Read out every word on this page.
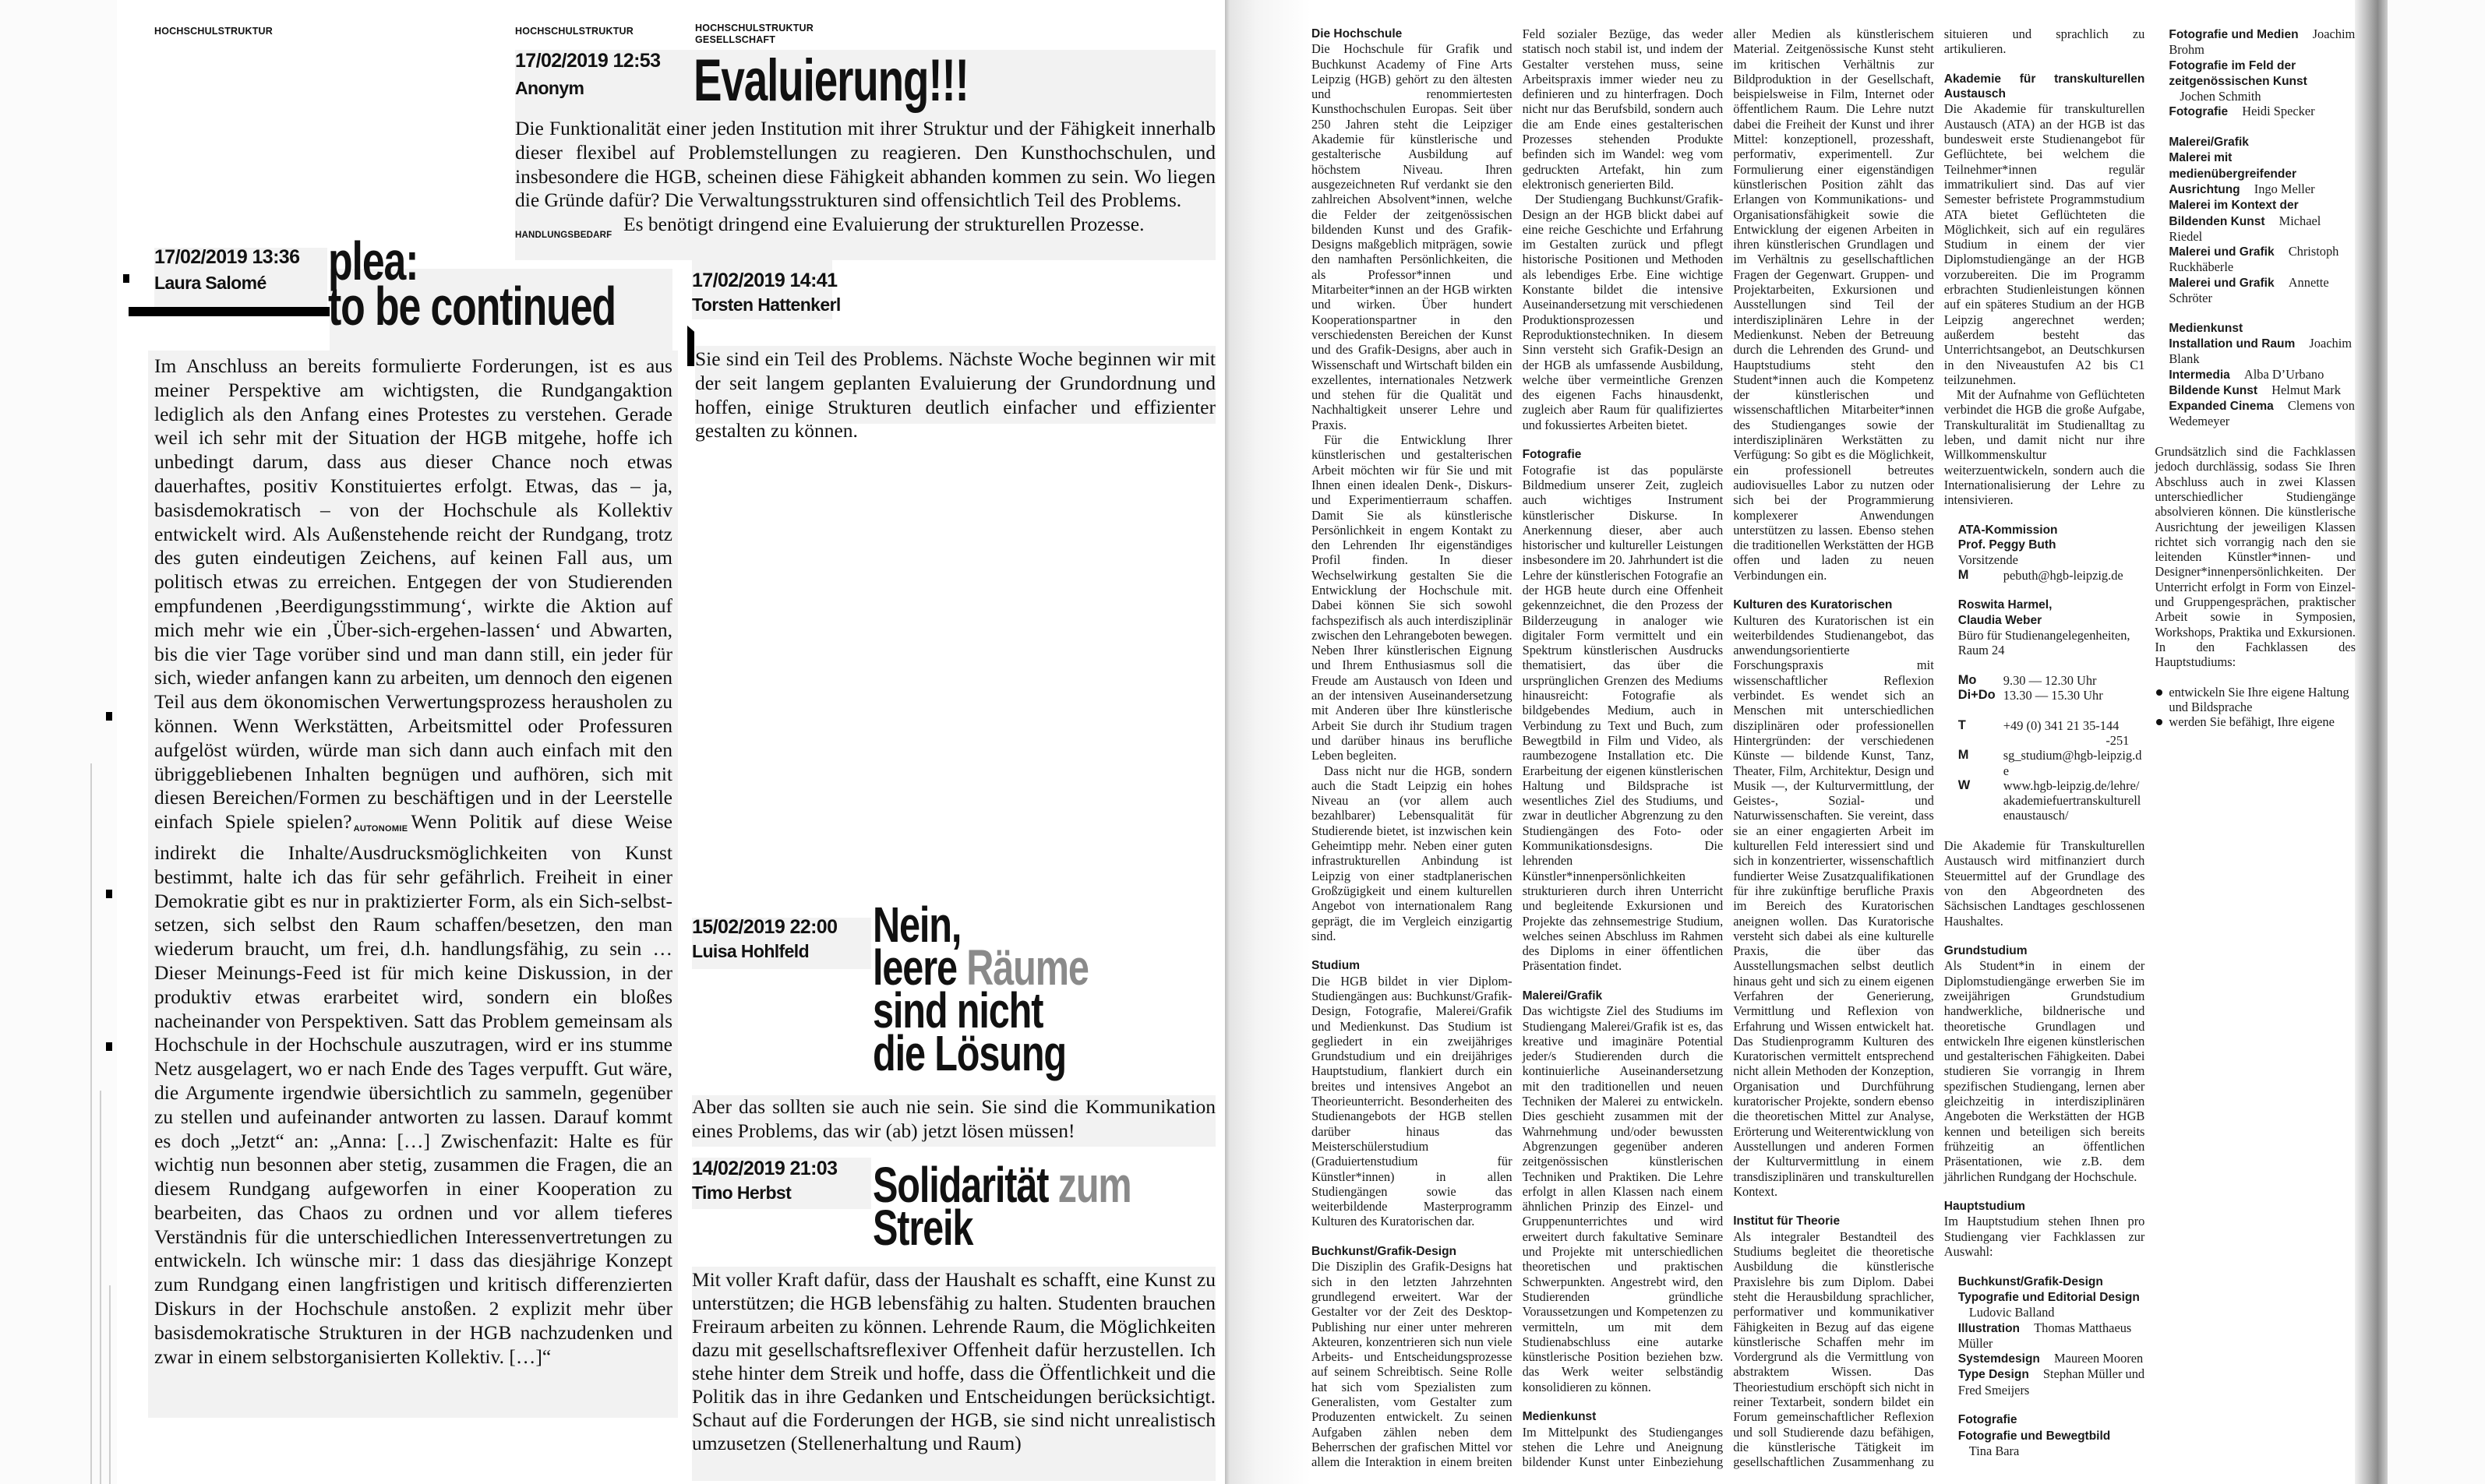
HOCHSCHULSTRUKTUR	HOCHSCHULSTRUKTUR	HOCHSCHULSTRUKTUR
GESELLSCHAFT
17/02/2019 12:53
Anonym Evaluierung!!!
Die Funktionalität einer jeden Institution mit ihrer Struktur und der Fähigkeit innerhalb dieser flexibel auf Problemstellungen zu reagieren. Den Kunsthochschulen, und insbesondere die HGB, scheinen diese Fähigkeit abhanden kommen zu sein. Wo liegen die Gründe dafür? Die Verwaltungsstrukturen sind offensichtlich Teil des Problems.
HANDLUNGSBEDARF Es benötigt dringend eine Evaluierung der strukturellen Prozesse.
17/02/2019 13:36
Laura Salomé plea:
to be continued
Im Anschluss an bereits formulierte Forderungen, ist es aus meiner Perspektive am wichtigsten, die Rundgangaktion lediglich als den Anfang eines Protestes zu verstehen. Gerade weil ich sehr mit der Situation der HGB mitgehe, hoffe ich unbedingt darum, dass aus dieser Chance noch etwas dauerhaftes, positiv Konstituiertes erfolgt. Etwas, das – ja, basisdemokratisch – von der Hochschule als Kollektiv entwickelt wird. Als Außenstehende reicht der Rundgang, trotz des guten eindeutigen Zeichens, auf keinen Fall aus, um politisch etwas zu erreichen. Entgegen der von Studierenden empfundenen ‚Beerdigungsstimmung‘, wirkte die Aktion auf mich mehr wie ein ‚Über-sich-ergehen-lassen‘ und Abwarten, bis die vier Tage vorüber sind und man dann still, ein jeder für sich, wieder anfangen kann zu arbeiten, um dennoch den eigenen Teil aus dem ökonomischen Verwertungsprozess herausholen zu können. Wenn Werkstätten, Arbeitsmittel oder Professuren aufgelöst würden, würde man sich dann auch einfach mit den übriggebliebenen Inhalten begnügen und aufhören, sich mit diesen Bereichen/Formen zu beschäftigen und in der Leerstelle einfach Spiele spielen? AUTONOMIE Wenn Politik auf diese Weise indirekt die Inhalte/Ausdrucksmöglichkeiten von Kunst bestimmt, halte ich das für sehr gefährlich. Freiheit in einer Demokratie gibt es nur in praktizierter Form, als ein Sich-selbst-setzen, sich selbst den Raum schaffen/besetzen, den man wiederum braucht, um frei, d.h. handlungsfähig, zu sein … Dieser Meinungs-Feed ist für mich keine Diskussion, in der produktiv etwas erarbeitet wird, sondern ein bloßes nacheinander von Perspektiven. Satt das Problem gemeinsam als Hochschule in der Hochschule auszutragen, wird er ins stumme Netz ausgelagert, wo er nach Ende des Tages verpufft. Gut wäre, die Argumente irgendwie übersichtlich zu sammeln, gegenüber zu stellen und aufeinander antworten zu lassen. Darauf kommt es doch „Jetzt“ an: „Anna: […] Zwischenfazit: Halte es für wichtig nun besonnen aber stetig, zusammen die Fragen, die an diesem Rundgang aufgeworfen in einer Kooperation zu bearbeiten, das Chaos zu ordnen und vor allem tieferes Verständnis für die unterschiedlichen Interessenvertretungen zu entwickeln. Ich wünsche mir: 1 dass das diesjährige Konzept zum Rundgang einen langfristigen und kritisch differenzierten Diskurs in der Hochschule anstoßen. 2 explizit mehr über basisdemokratische Strukturen in der HGB nachzudenken und zwar in einem selbstorganisierten Kollektiv. […]“
17/02/2019 14:41
Torsten Hattenkerl
Sie sind ein Teil des Problems. Nächste Woche beginnen wir mit der seit langem geplanten Evaluierung der Grundordnung und hoffen, einige Strukturen deutlich einfacher und effizienter gestalten zu können.
15/02/2019 22:00
Luisa Hohlfeld Nein,
leere Räume
sind nicht
die Lösung
Aber das sollten sie auch nie sein. Sie sind die Kommunikation eines Problems, das wir (ab) jetzt lösen müssen!
14/02/2019 21:03
Timo Herbst Solidarität zum
Streik
Mit voller Kraft dafür, dass der Haushalt es schafft, eine Kunst zu unterstützen; die HGB lebensfähig zu halten. Studenten brauchen Freiraum arbeiten zu können. Lehrende Raum, die Möglichkeiten dazu mit gesellschaftsreflexiver Offenheit dafür herzustellen. Ich stehe hinter dem Streik und hoffe, dass die Öffentlichkeit und die Politik das in ihre Gedanken und Entscheidungen berücksichtigt. Schaut auf die Forderungen der HGB, sie sind nicht unrealistisch umzusetzen (Stellenerhaltung und Raum)
Die Hochschule

Die Hochschule für Grafik und Buchkunst Academy of Fine Arts Leipzig (HGB) gehört zu den ältesten und renommiertesten Kunsthochschulen Europas. Seit über 250 Jahren steht die Leipziger Akademie für künstlerische und gestalterische Ausbildung auf höchstem Niveau. Ihren ausgezeichneten Ruf verdankt sie den zahlreichen Absolvent*innen, welche die Felder der zeitgenössischen bildenden Kunst und des Grafik-Designs maßgeblich mitprägen, sowie den namhaften Persönlichkeiten, die als Professor*innen und Mitarbeiter*innen an der HGB wirkten und wirken. Über hundert Kooperationspartner in den verschiedensten Bereichen der Kunst und des Grafik-Designs, aber auch in Wissenschaft und Wirtschaft bilden ein exzellentes, internationales Netzwerk und stehen für die Qualität und Nachhaltigkeit unserer Lehre und Praxis.

Für die Entwicklung Ihrer künstlerischen und gestalterischen Arbeit möchten wir für Sie und mit Ihnen einen idealen Denk-, Diskurs- und Experimentierraum schaffen. Damit Sie als künstlerische Persönlichkeit in engem Kontakt zu den Lehrenden Ihr eigenständiges Profil finden. In dieser Wechselwirkung gestalten Sie die Entwicklung der Hochschule mit. Dabei können Sie sich sowohl fachspezifisch als auch interdisziplinär zwischen den Lehrangeboten bewegen. Neben Ihrer künstlerischen Eignung und Ihrem Enthusiasmus soll die Freude am Austausch von Ideen und an der intensiven Auseinandersetzung mit Anderen über Ihre künstlerische Arbeit Sie durch ihr Studium tragen und darüber hinaus ins berufliche Leben begleiten.

Dass nicht nur die HGB, sondern auch die Stadt Leipzig ein hohes Niveau an (vor allem auch bezahlbarer) Lebensqualität für Studierende bietet, ist inzwischen kein Geheimtipp mehr. Neben einer guten infrastrukturellen Anbindung ist Leipzig von einer stadtplanerischen Großzügigkeit und einem kulturellen Angebot von internationalem Rang geprägt, die im Vergleich einzigartig sind.

Studium

Die HGB bildet in vier Diplom-Studiengängen aus: Buchkunst/Grafik-Design, Fotografie, Malerei/Grafik und Medienkunst. Das Studium ist gegliedert in ein zweijähriges Grundstudium und ein dreijähriges Hauptstudium, flankiert durch ein breites und intensives Angebot an Theorieunterricht. Besonderheiten des Studienangebots der HGB stellen darüber hinaus das Meisterschülerstudium (Graduiertenstudium für Künstler*innen) in allen Studiengängen sowie das weiterbildende Masterprogramm Kulturen des Kuratorischen dar.

Buchkunst/Grafik-Design

Die Disziplin des Grafik-Designs hat sich in den letzten Jahrzehnten grundlegend erweitert. War der Gestalter vor der Zeit des Desktop-Publishing nur einer unter mehreren Akteuren, konzentrieren sich nun viele Arbeits- und Entscheidungsprozesse auf seinem Schreibtisch. Seine Rolle hat sich vom Spezialisten zum Generalisten, vom Gestalter zum Produzenten entwickelt. Zu seinen Aufgaben zählen neben dem Beherrschen der grafischen Mittel vor allem die Interaktion in einem breiten Feld sozialer Bezüge, das weder statisch noch stabil ist, und indem der Gestalter verstehen muss, seine Arbeitspraxis immer wieder neu zu definieren und zu hinterfragen. Doch nicht nur das Berufsbild, sondern auch die am Ende eines gestalterischen Prozesses stehenden Produkte befinden sich im Wandel: weg vom gedruckten Artefakt, hin zum elektronisch generierten Bild.

Der Studiengang Buchkunst/Grafik-Design an der HGB blickt dabei auf eine reiche Geschichte und Erfahrung im Gestalten zurück und pflegt historische Positionen und Methoden als lebendiges Erbe. Eine wichtige Konstante bildet die intensive Auseinandersetzung mit verschiedenen Produktionsprozessen und Reproduktionstechniken. In diesem Sinn versteht sich Grafik-Design an der HGB als umfassende Ausbildung, welche über vermeintliche Grenzen des eigenen Fachs hinausdenkt, zugleich aber Raum für qualifiziertes und fokussiertes Arbeiten bietet.

Fotografie

Fotografie ist das populärste Bildmedium unserer Zeit, zugleich auch wichtiges Instrument künstlerischer Diskurse. In Anerkennung dieser, aber auch historischer und kultureller Leistungen insbesondere im 20. Jahrhundert ist die Lehre der künstlerischen Fotografie an der HGB heute durch eine Offenheit gekennzeichnet, die den Prozess der Bilderzeugung in analoger wie digitaler Form vermittelt und ein Spektrum künstlerischen Ausdrucks thematisiert, das über die ursprünglichen Grenzen des Mediums hinausreicht: Fotografie als bildgebendes Medium, auch in Verbindung zu Text und Buch, zum Bewegtbild in Film und Video, als raumbezogene Installation etc. Die Erarbeitung der eigenen künstlerischen Haltung und Bildsprache ist wesentliches Ziel des Studiums, und zwar in deutlicher Abgrenzung zu den Studiengängen des Foto- oder Kommunikationsdesigns. Die lehrenden Künstler*innenpersönlichkeiten strukturieren durch ihren Unterricht und begleitende Exkursionen und Projekte das zehnsemestrige Studium, welches seinen Abschluss im Rahmen des Diploms in einer öffentlichen Präsentation findet.

Malerei/Grafik

Das wichtigste Ziel des Studiums im Studiengang Malerei/Grafik ist es, das kreative und imaginäre Potential jeder/s Studierenden durch die kontinuierliche Auseinandersetzung mit den traditionellen und neuen Techniken der Malerei zu entwickeln. Dies geschieht zusammen mit der Wahrnehmung und/oder bewussten Abgrenzungen gegenüber anderen zeitgenössischen künstlerischen Techniken und Praktiken. Die Lehre erfolgt in allen Klassen nach einem ähnlichen Prinzip des Einzel- und Gruppenunterrichtes und wird erweitert durch fakultative Seminare und Projekte mit unterschiedlichen theoretischen und praktischen Schwerpunkten. Angestrebt wird, den Studierenden gründliche Voraussetzungen und Kompetenzen zu vermitteln, um mit dem Studienabschluss eine autarke künstlerische Position beziehen bzw. das Werk weiter selbständig konsolidieren zu können.

Medienkunst

Im Mittelpunkt des Studienganges stehen die Lehre und Aneignung bildender Kunst unter Einbeziehung aller Medien als künstlerischem Material. Zeitgenössische Kunst steht im kritischen Verhältnis zur Bildproduktion in der Gesellschaft, beispielsweise in Film, Internet oder öffentlichem Raum. Die Lehre nutzt dabei die Freiheit der Kunst und ihrer Mittel: konzeptionell, prozesshaft, performativ, experimentell. Zur Formulierung einer eigenständigen künstlerischen Position zählt das Erlangen von Kommunikations- und Organisationsfähigkeit sowie die Entwicklung der eigenen Arbeiten in ihren künstlerischen Grundlagen und im Verhältnis zu gesellschaftlichen Fragen der Gegenwart. Gruppen- und Projektarbeiten, Exkursionen und Ausstellungen sind Teil der interdisziplinären Lehre in der Medienkunst. Neben der Betreuung durch die Lehrenden des Grund- und Hauptstudiums steht den Student*innen auch die Kompetenz der künstlerischen und wissenschaftlichen Mitarbeiter*innen des Studienganges sowie der interdisziplinären Werkstätten zu Verfügung: So gibt es die Möglichkeit, ein professionell betreutes audiovisuelles Labor zu nutzen oder sich bei der Programmierung komplexerer Anwendungen unterstützen zu lassen. Ebenso stehen die traditionellen Werkstätten der HGB offen und laden zu neuen Verbindungen ein.

Kulturen des Kuratorischen

Kulturen des Kuratorischen ist ein weiterbildendes Studienangebot, das anwendungsorientierte Forschungspraxis mit wissenschaftlicher Reflexion verbindet. Es wendet sich an Menschen mit unterschiedlichen disziplinären oder professionellen Hintergründen: der verschiedenen Künste — bildende Kunst, Tanz, Theater, Film, Architektur, Design und Musik —, der Kulturvermittlung, der Geistes-, Sozial- und Naturwissenschaften. Sie vereint, dass sie an einer engagierten Arbeit im kulturellen Feld interessiert sind und sich in konzentrierter, wissenschaftlich fundierter Weise Zusatzqualifikationen für ihre zukünftige berufliche Praxis im Bereich des Kuratorischen aneignen wollen. Das Kuratorische versteht sich dabei als eine kulturelle Praxis, die über das Ausstellungsmachen selbst deutlich hinaus geht und sich zu einem eigenen Verfahren der Generierung, Vermittlung und Reflexion von Erfahrung und Wissen entwickelt hat. Das Studienprogramm Kulturen des Kuratorischen vermittelt entsprechend nicht allein Methoden der Konzeption, Organisation und Durchführung kuratorischer Projekte, sondern ebenso die theoretischen Mittel zur Analyse, Erörterung und Weiterentwicklung von Ausstellungen und anderen Formen der Kulturvermittlung in einem transdisziplinären und transkulturellen Kontext.

Institut für Theorie

Als integraler Bestandteil des Studiums begleitet die theoretische Ausbildung die künstlerische Praxislehre bis zum Diplom. Dabei steht die Herausbildung sprachlicher, performativer und kommunikativer Fähigkeiten in Bezug auf das eigene künstlerische Schaffen mehr im Vordergrund als die Vermittlung von abstraktem Wissen. Das Theoriestudium erschöpft sich nicht in reiner Textarbeit, sondern bildet ein Forum gemeinschaftlicher Reflexion und soll Studierende dazu befähigen, die künstlerische Tätigkeit im gesellschaftlichen Zusammenhang zu situieren und sprachlich zu artikulieren.

Akademie für transkulturellen Austausch

Die Akademie für transkulturellen Austausch (ATA) an der HGB ist das bundesweit erste Studienangebot für Geflüchtete, bei welchem die Teilnehmer*innen regulär immatrikuliert sind. Das auf vier Semester befristete Programmstudium ATA bietet Geflüchteten die Möglichkeit, sich auf ein reguläres Studium in einem der vier Diplomstudiengänge an der HGB vorzubereiten. Die im Programm erbrachten Studienleistungen können auf ein späteres Studium an der HGB Leipzig angerechnet werden; außerdem besteht das Unterrichtsangebot, an Deutschkursen in den Niveaustufen A2 bis C1 teilzunehmen.

Mit der Aufnahme von Geflüchteten verbindet die HGB die große Aufgabe, Transkulturalität im Studienalltag zu leben, und damit nicht nur ihre Willkommenskultur weiterzuentwickeln, sondern auch die Internationalisierung der Lehre zu intensivieren.

ATA-Kommission
Prof. Peggy Buth
Vorsitzende
M	pebuth@hgb-leipzig.de
Roswita Harmel,
Claudia Weber
Büro für Studienangelegenheiten, Raum 24
Mo	9.30 — 12.30 Uhr
Di+Do 13.30 — 15.30 Uhr
T	+49 (0) 341 21 35-144
-251
M	sg_studium@hgb-leipzig.de
W	www.hgb-leipzig.de/lehre/akademiefuertranskulturellenaustausch/

Die Akademie für Transkulturellen Austausch wird mitfinanziert durch Steuermittel auf der Grundlage des von den Abgeordneten des Sächsischen Landtages geschlossenen Haushaltes.

Grundstudium

Als Student*in in einem der Diplomstudiengänge erwerben Sie im zweijährigen Grundstudium handwerkliche, bildnerische und theoretische Grundlagen und entwickeln Ihre eigenen künstlerischen und gestalterischen Fähigkeiten. Dabei studieren Sie vorrangig in Ihrem spezifischen Studiengang, lernen aber gleichzeitig in interdisziplinären Angeboten die Werkstätten der HGB kennen und beteiligen sich bereits frühzeitig an öffentlichen Präsentationen, wie z.B. dem jährlichen Rundgang der Hochschule.

Hauptstudium

Im Hauptstudium stehen Ihnen pro Studiengang vier Fachklassen zur Auswahl:

Buchkunst/Grafik-Design
Typografie und Editorial Design Ludovic Balland
Illustration Thomas Matthaeus Müller
Systemdesign Maureen Mooren
Type Design Stephan Müller und Fred Smeijers
Fotografie
Fotografie und Bewegtbild Tina Bara
Fotografie und Medien Joachim Brohm
Fotografie im Feld der zeitgenössischen Kunst Jochen Schmith
Fotografie Heidi Specker
Malerei/Grafik
Malerei mit medienübergreifender Ausrichtung Ingo Meller
Malerei im Kontext der Bildenden Kunst Michael Riedel
Malerei und Grafik Christoph Ruckhäberle
Malerei und Grafik Annette Schröter
Medienkunst
Installation und Raum Joachim Blank
Intermedia Alba D’Urbano
Bildende Kunst Helmut Mark
Expanded Cinema Clemens von Wedemeyer

Grundsätzlich sind die Fachklassen jedoch durchlässig, sodass Sie Ihren Abschluss auch in zwei Klassen unterschiedlicher Studiengänge absolvieren können. Die künstlerische Ausrichtung der jeweiligen Klassen richtet sich vorrangig nach den sie leitenden Künstler*innen- und Designer*innenpersönlichkeiten. Der Unterricht erfolgt in Form von Einzel- und Gruppengesprächen, praktischer Arbeit sowie in Symposien, Workshops, Praktika und Exkursionen. In den Fachklassen des Hauptstudiums:

entwickeln Sie Ihre eigene Haltung und Bildsprache
werden Sie befähigt, Ihre eigene
